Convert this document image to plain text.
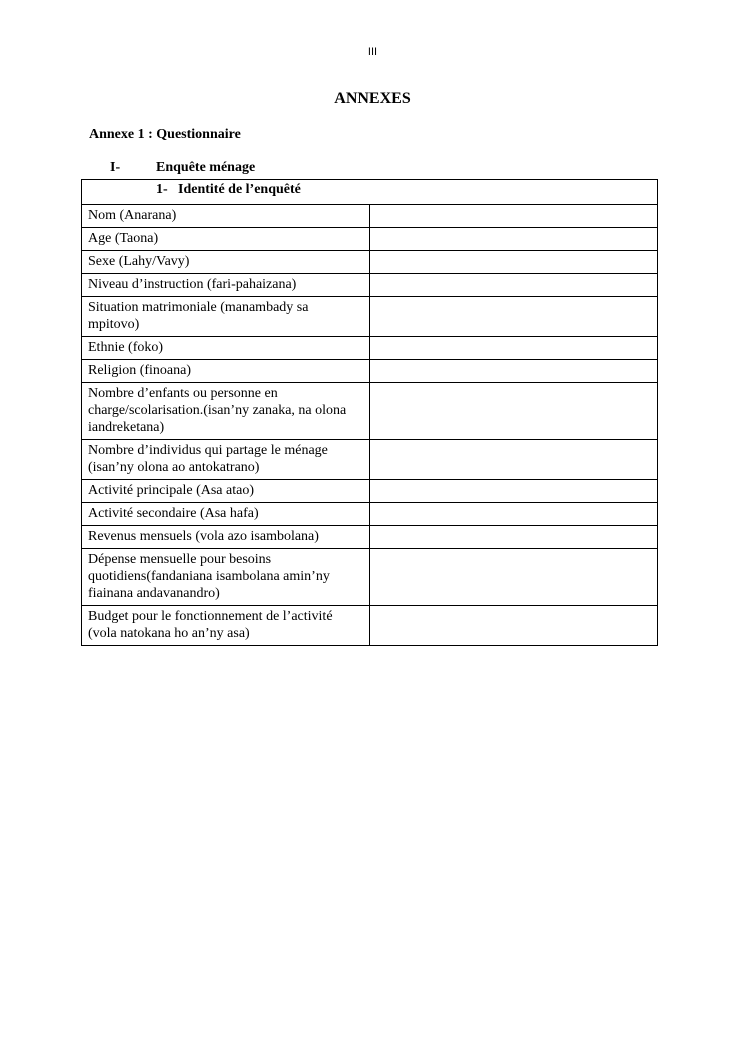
III
ANNEXES
Annexe 1 : Questionnaire
I-	Enquête ménage
1- Identité de l’enquêté	

Nom (Anarana)	
Age (Taona)	
Sexe (Lahy/Vavy)	
Niveau d’instruction (fari-pahaizana)	
Situation matrimoniale (manambady sa mpitovo)	
Ethnie (foko)	
Religion (finoana)	
Nombre d’enfants ou personne en charge/scolarisation.(isan’ny zanaka, na olona iandreketana)	
Nombre d’individus qui partage le ménage (isan’ny olona ao antokatrano)	
Activité principale (Asa atao)	
Activité secondaire (Asa hafa)	
Revenus mensuels (vola azo isambolana)	
Dépense mensuelle pour besoins quotidiens(fandaniana isambolana amin’ny fiainana andavanandro)	
Budget pour le fonctionnement de l’activité (vola natokana ho an’ny asa)	
